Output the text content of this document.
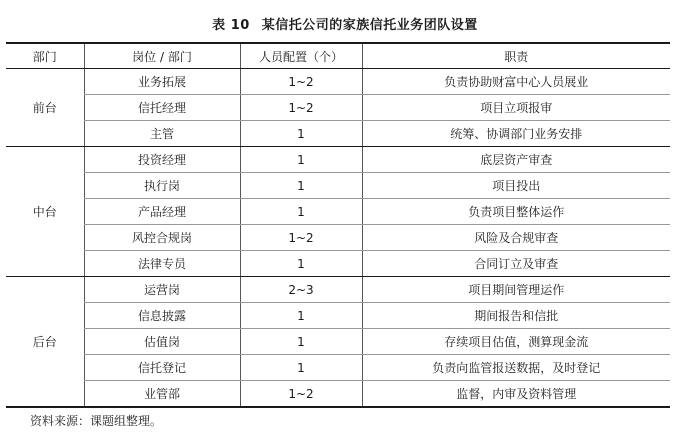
表 10 某信托公司的家族信托业务团队设置
部门	岗位 / 部门	人员配置（个）	职责
前台	业务拓展	1~2	负责协助财富中心人员展业
	信托经理	1~2	项目立项报审
	主管	1	统筹、协调部门业务安排
中台	投资经理	1	底层资产审查
	执行岗	1	项目投出
	产品经理	1	负责项目整体运作
	风控合规岗	1~2	风险及合规审查
	法律专员	1	合同订立及审查
后台	运营岗	2~3	项目期间管理运作
	信息披露	1	期间报告和信批
	估值岗	1	存续项目估值，测算现金流
	信托登记	1	负责向监管报送数据，及时登记
	业管部	1~2	监督，内审及资料管理
资料来源：课题组整理。
